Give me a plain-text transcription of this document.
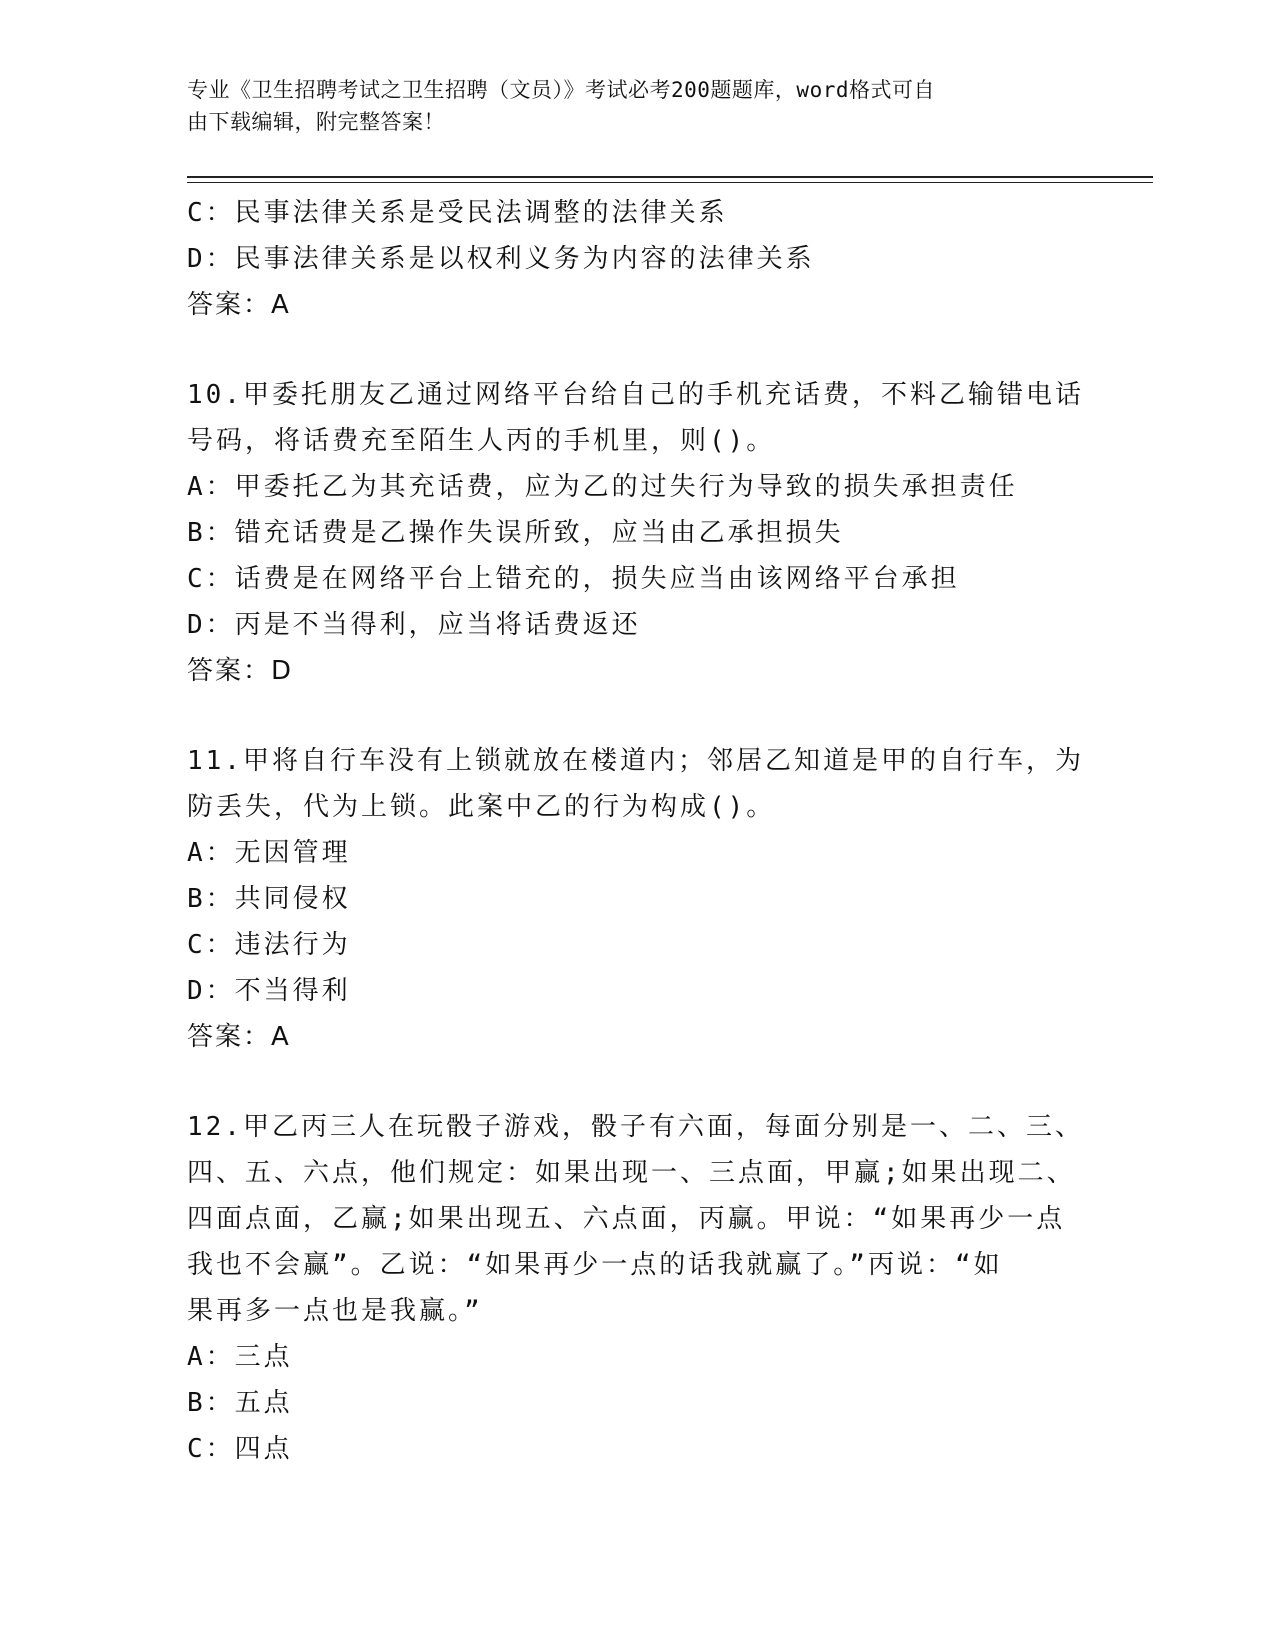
专业《卫生招聘考试之卫生招聘（文员）》考试必考200题题库，word格式可自
由下载编辑，附完整答案！
C：民事法律关系是受民法调整的法律关系
D：民事法律关系是以权利义务为内容的法律关系
答案：A
10.甲委托朋友乙通过网络平台给自己的手机充话费，不料乙输错电话
号码，将话费充至陌生人丙的手机里，则()。
A：甲委托乙为其充话费，应为乙的过失行为导致的损失承担责任
B：错充话费是乙操作失误所致，应当由乙承担损失
C：话费是在网络平台上错充的，损失应当由该网络平台承担
D：丙是不当得利，应当将话费返还
答案：D
11.甲将自行车没有上锁就放在楼道内；邻居乙知道是甲的自行车，为
防丢失，代为上锁。此案中乙的行为构成()。
A：无因管理
B：共同侵权
C：违法行为
D：不当得利
答案：A
12.甲乙丙三人在玩骰子游戏，骰子有六面，每面分别是一、二、三、
四、五、六点，他们规定：如果出现一、三点面，甲赢;如果出现二、
四面点面，乙赢;如果出现五、六点面，丙赢。甲说：“如果再少一点
我也不会赢”。乙说：“如果再少一点的话我就赢了。”丙说：“如
果再多一点也是我赢。”
A：三点
B：五点
C：四点
